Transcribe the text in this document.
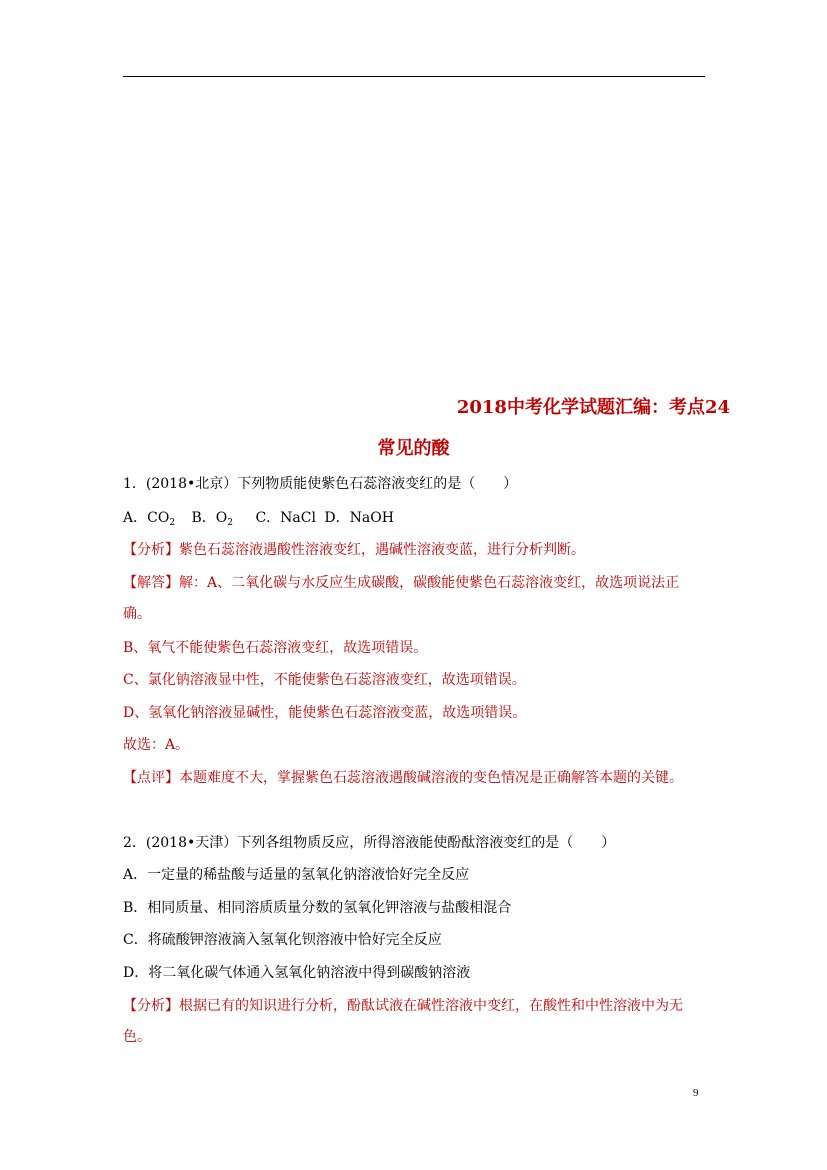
2018中考化学试题汇编：考点24
常见的酸
1．(2018•北京）下列物质能使紫色石蕊溶液变红的是（　　）
A．$CO_2$ B．$O_2$ C．NaCl D．NaOH
【分析】紫色石蕊溶液遇酸性溶液变红，遇碱性溶液变蓝，进行分析判断。
【解答】解：A、二氧化碳与水反应生成碳酸，碳酸能使紫色石蕊溶液变红，故选项说法正
确。
B、氧气不能使紫色石蕊溶液变红，故选项错误。
C、氯化钠溶液显中性，不能使紫色石蕊溶液变红，故选项错误。
D、氢氧化钠溶液显碱性，能使紫色石蕊溶液变蓝，故选项错误。
故选：A。
【点评】本题难度不大，掌握紫色石蕊溶液遇酸碱溶液的变色情况是正确解答本题的关键。
2．(2018•天津）下列各组物质反应，所得溶液能使酚酞溶液变红的是（　　）
A．一定量的稀盐酸与适量的氢氧化钠溶液恰好完全反应
B．相同质量、相同溶质质量分数的氢氧化钾溶液与盐酸相混合
C．将硫酸钾溶液滴入氢氧化钡溶液中恰好完全反应
D．将二氧化碳气体通入氢氧化钠溶液中得到碳酸钠溶液
【分析】根据已有的知识进行分析，酚酞试液在碱性溶液中变红，在酸性和中性溶液中为无
色。
9
